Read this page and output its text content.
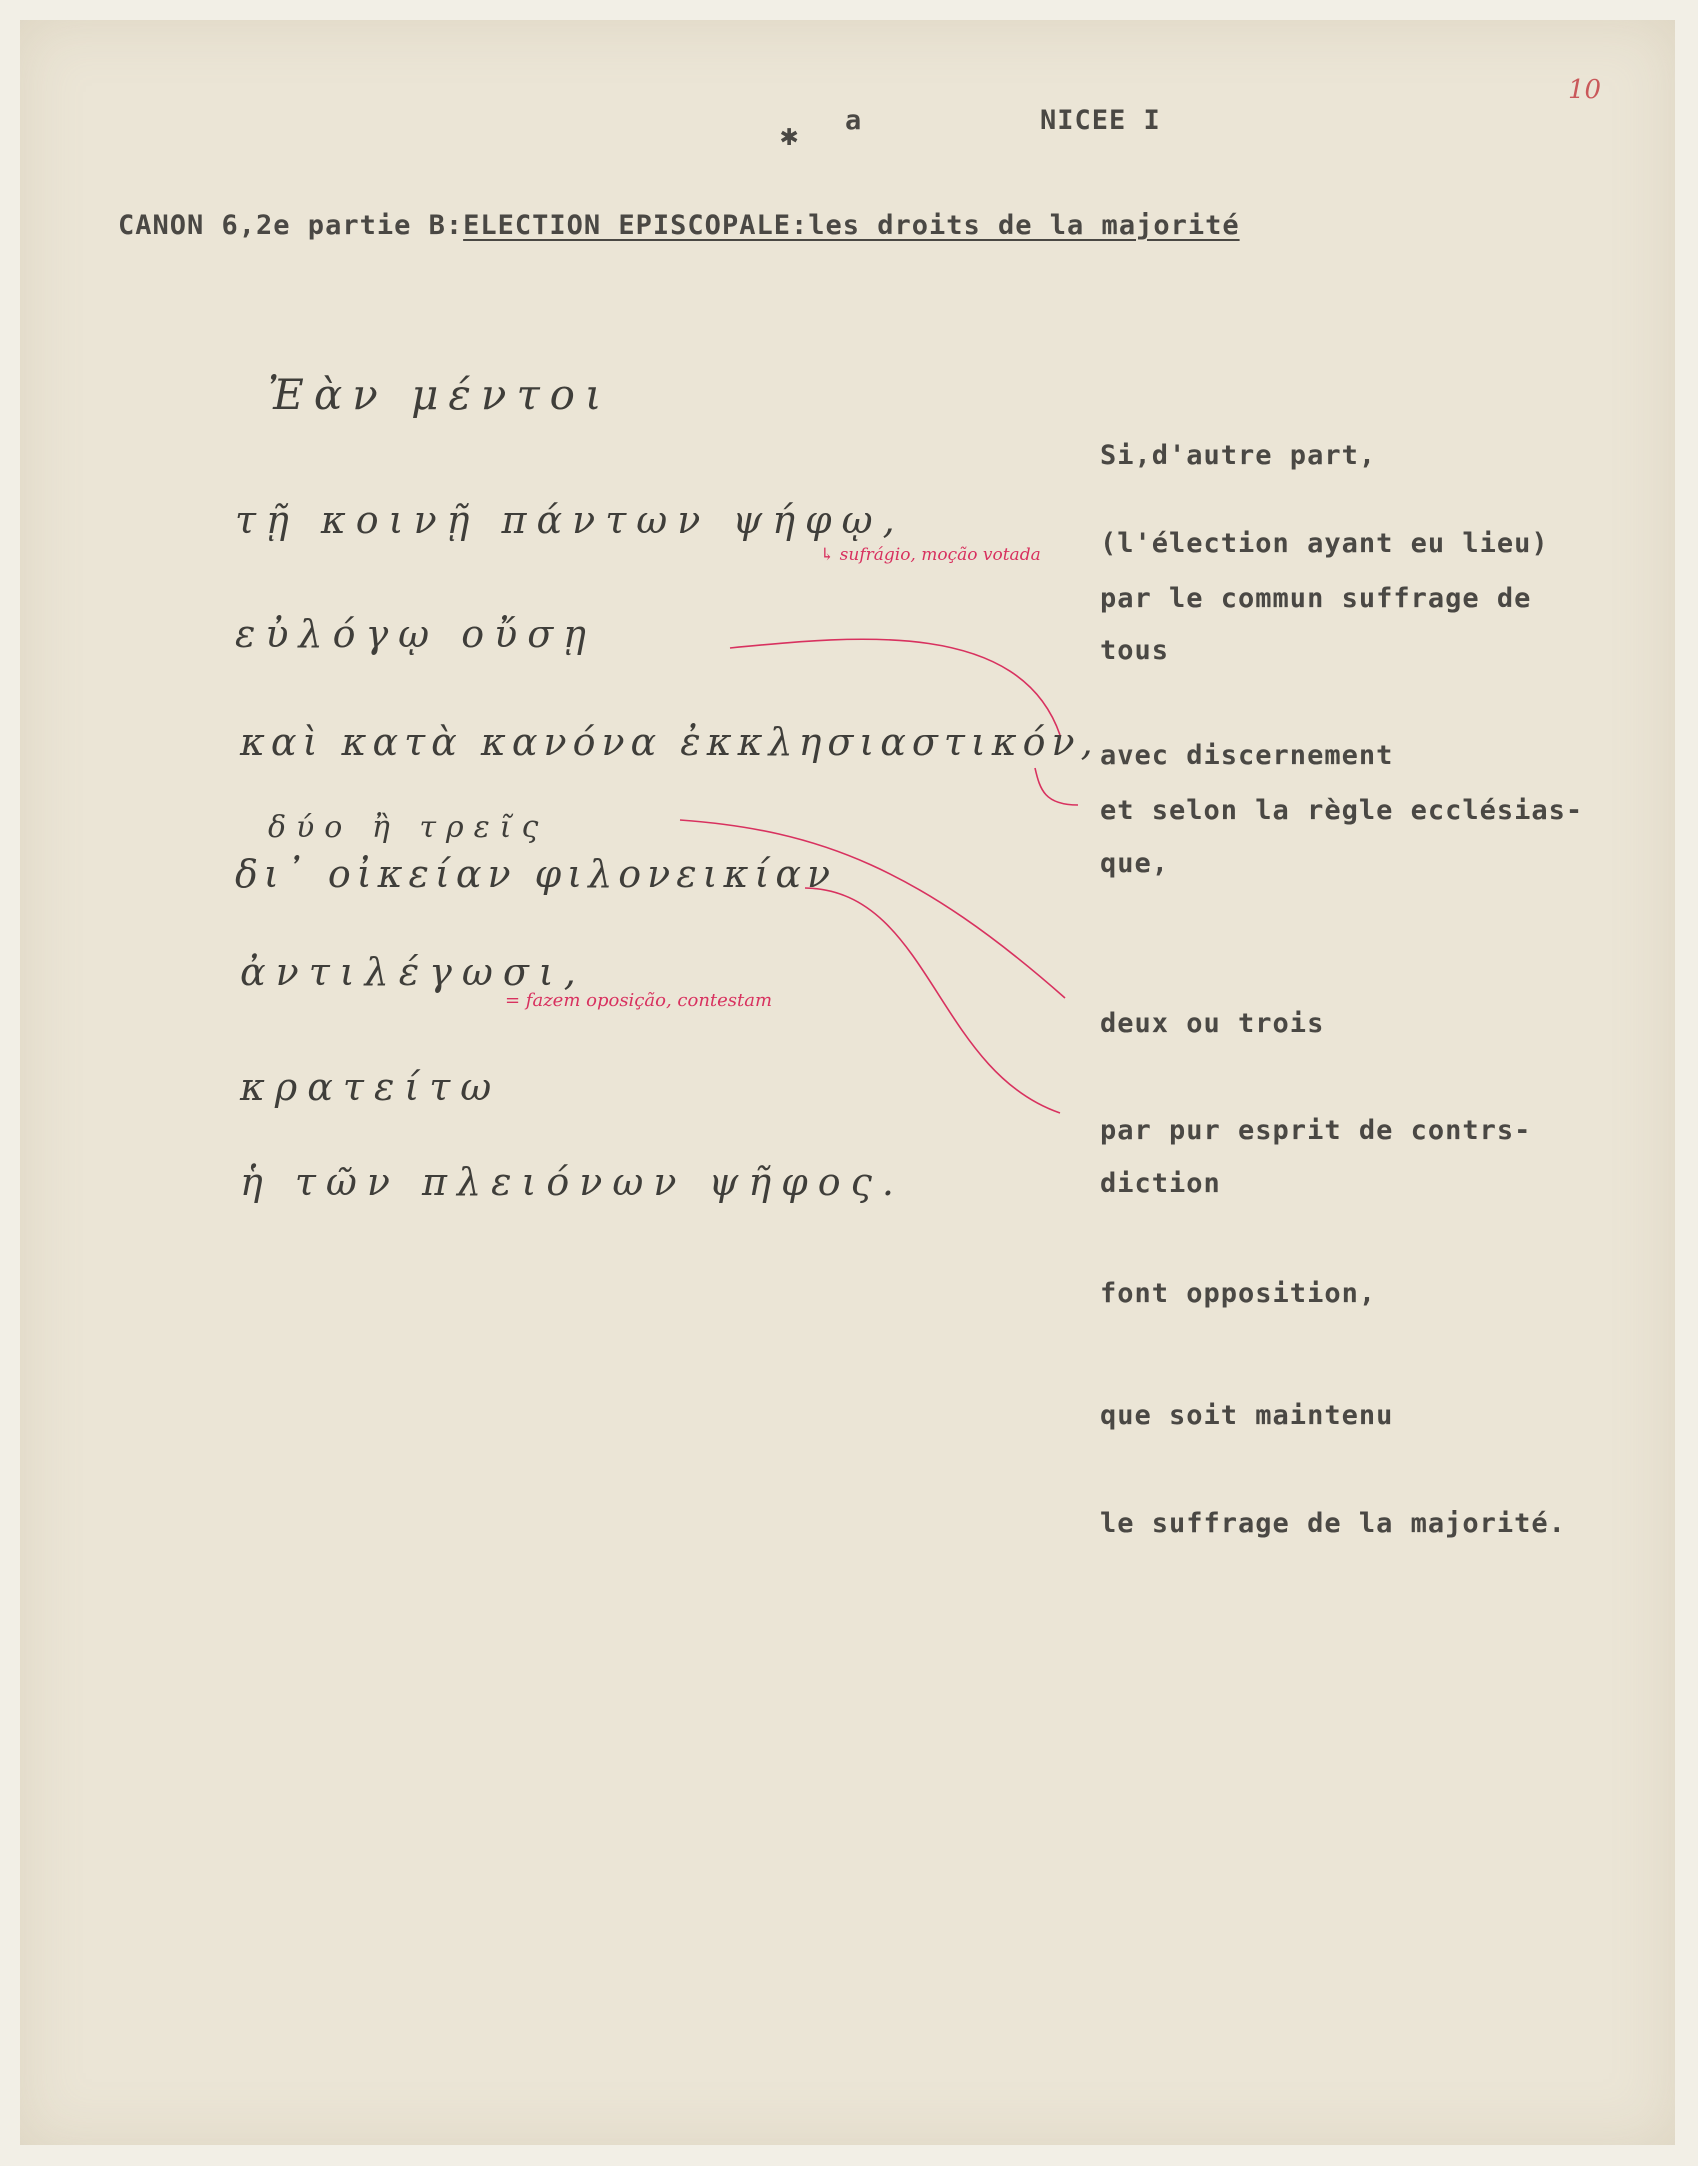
✱ a	NICEE I
10
CANON 6,2e partie B:ELECTION EPISCOPALE:les droits de la majorité
Ἐὰν μέντοι
τῇ κοινῇ πάντων ψήφῳ,
εὐλόγῳ οὔσῃ
καὶ κατὰ κανόνα ἐκκλησιαστικόν,
δύο ἢ τρεῖς
δι᾽ οἰκείαν φιλονεικίαν
ἀντιλέγωσι,
κρατείτω
ἡ τῶν πλειόνων ψῆφος.
↳ sufrágio, moção votada
= fazem oposição, contestam
Si,d'autre part,
(l'élection ayant eu lieu)
par le commun suffrage de
tous
avec discernement
et selon la règle ecclésias-
que,
deux ou trois
par pur esprit de contrs-
diction
font opposition,
que soit maintenu
le suffrage de la majorité.
